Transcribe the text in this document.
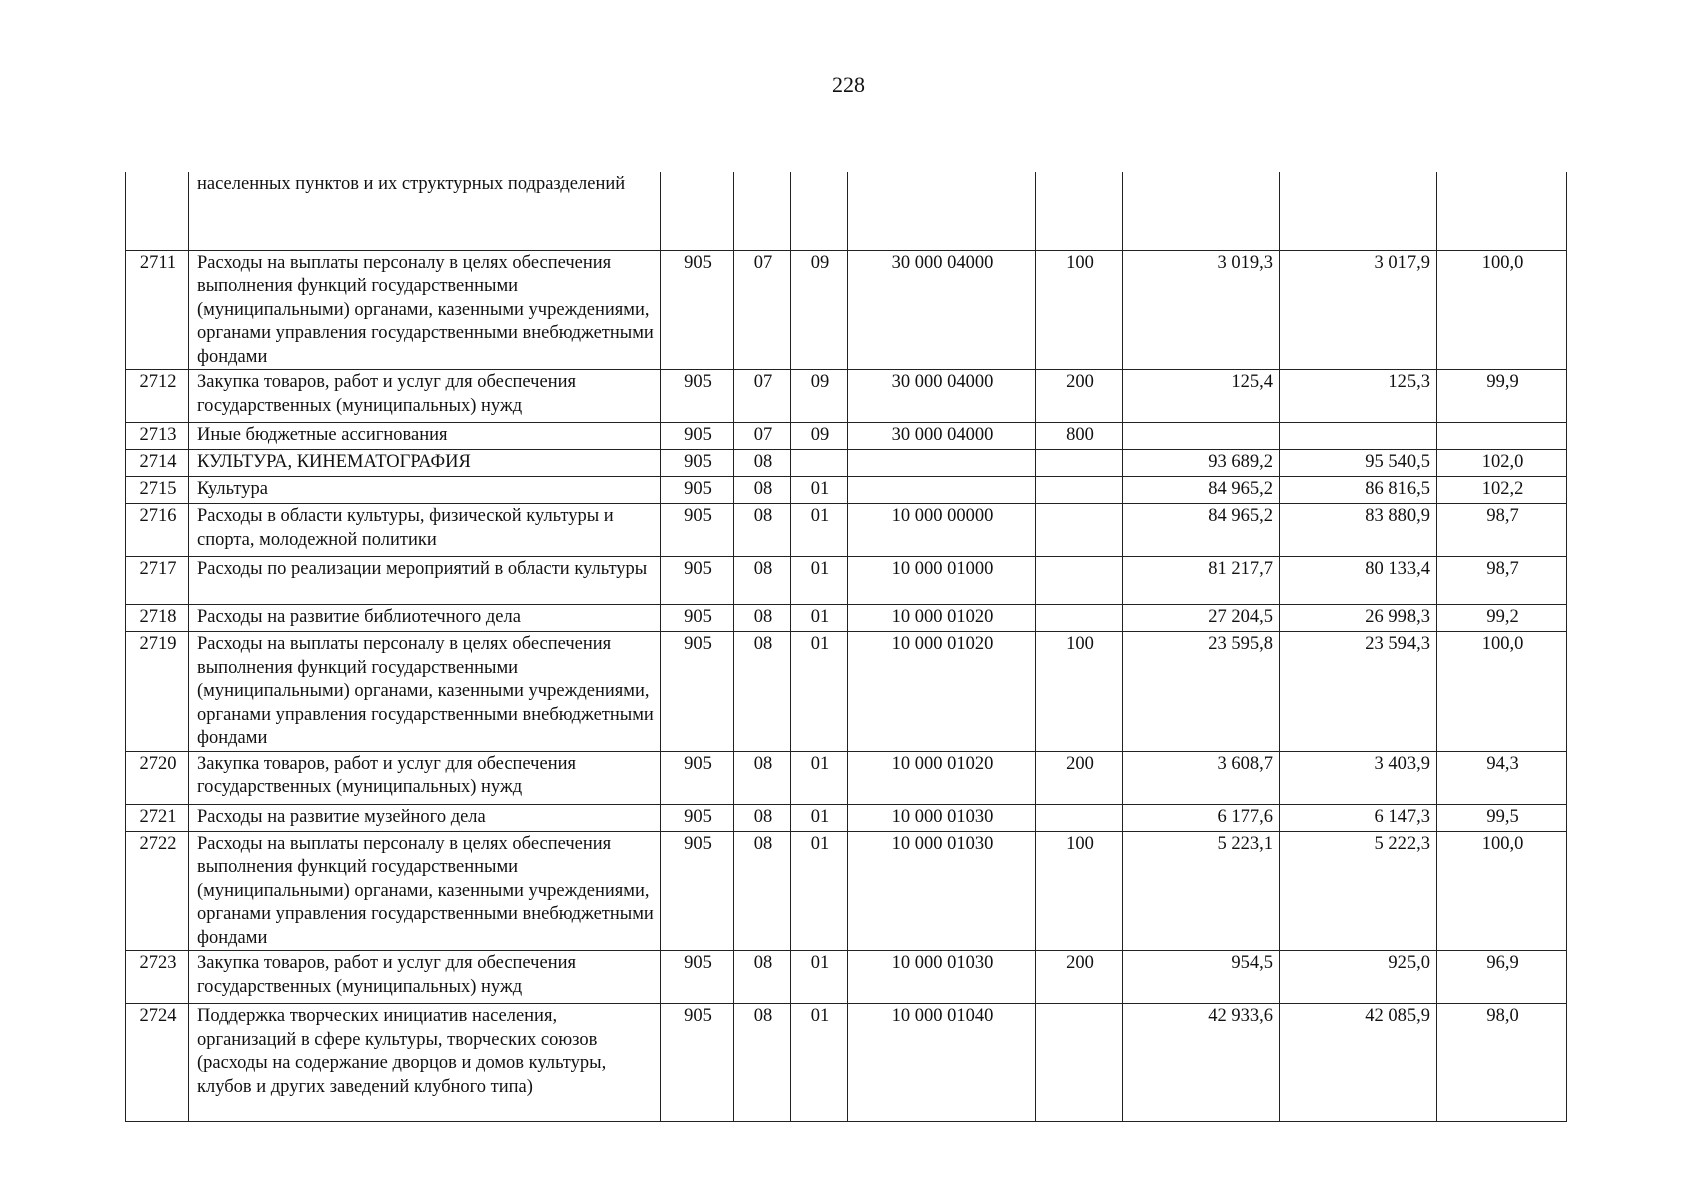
228
	населенных пунктов и их структурных подразделений								
2711	Расходы на выплаты персоналу в целях обеспечения выполнения функций государственными (муниципальными) органами, казенными учреждениями, органами управления государственными внебюджетными фондами	905	07	09	30 000 04000	100	3 019,3	3 017,9	100,0
2712	Закупка товаров, работ и услуг для обеспечения государственных (муниципальных) нужд	905	07	09	30 000 04000	200	125,4	125,3	99,9
2713	Иные бюджетные ассигнования	905	07	09	30 000 04000	800			
2714	КУЛЬТУРА, КИНЕМАТОГРАФИЯ	905	08				93 689,2	95 540,5	102,0
2715	Культура	905	08	01			84 965,2	86 816,5	102,2
2716	Расходы в области культуры, физической культуры и спорта, молодежной политики	905	08	01	10 000 00000		84 965,2	83 880,9	98,7
2717	Расходы по реализации мероприятий в области культуры	905	08	01	10 000 01000		81 217,7	80 133,4	98,7
2718	Расходы на развитие библиотечного дела	905	08	01	10 000 01020		27 204,5	26 998,3	99,2
2719	Расходы на выплаты персоналу в целях обеспечения выполнения функций государственными (муниципальными) органами, казенными учреждениями, органами управления государственными внебюджетными фондами	905	08	01	10 000 01020	100	23 595,8	23 594,3	100,0
2720	Закупка товаров, работ и услуг для обеспечения государственных (муниципальных) нужд	905	08	01	10 000 01020	200	3 608,7	3 403,9	94,3
2721	Расходы на развитие музейного дела	905	08	01	10 000 01030		6 177,6	6 147,3	99,5
2722	Расходы на выплаты персоналу в целях обеспечения выполнения функций государственными (муниципальными) органами, казенными учреждениями, органами управления государственными внебюджетными фондами	905	08	01	10 000 01030	100	5 223,1	5 222,3	100,0
2723	Закупка товаров, работ и услуг для обеспечения государственных (муниципальных) нужд	905	08	01	10 000 01030	200	954,5	925,0	96,9
2724	Поддержка творческих инициатив населения, организаций в сфере культуры, творческих союзов (расходы на содержание дворцов и домов культуры, клубов и других заведений клубного типа)	905	08	01	10 000 01040		42 933,6	42 085,9	98,0
